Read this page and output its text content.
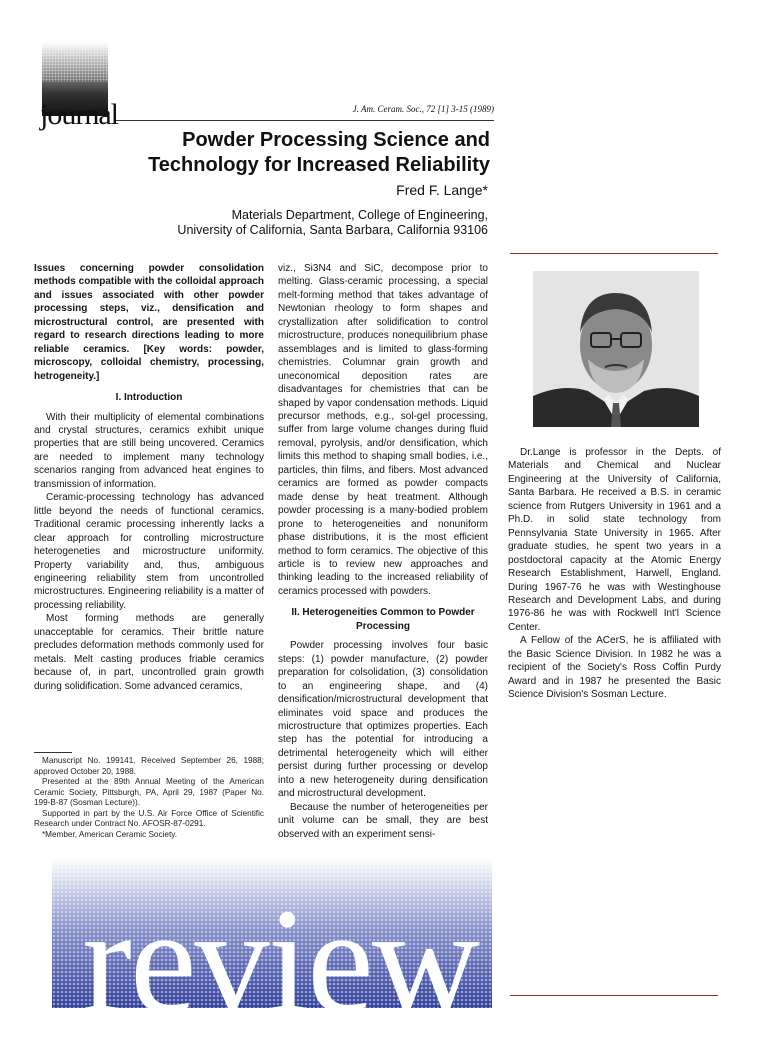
journal	J. Am. Ceram. Soc., 72 [1] 3-15 (1989)
Powder Processing Science and
Technology for Increased Reliability
Fred F. Lange*
Materials Department, College of Engineering,
University of California, Santa Barbara, California 93106

Issues concerning powder consolidation methods compatible with the colloidal approach and issues associated with other powder processing steps, viz., densification and microstructural control, are presented with regard to research directions leading to more reliable ceramics. [Key words: powder, microscopy, colloidal chemistry, processing, hetrogeneity.]

I. Introduction

With their multiplicity of elemental combinations and crystal structures, ceramics exhibit unique properties that are still being uncovered. Ceramics are needed to implement many technology scenarios ranging from advanced heat engines to transmission of information.

Ceramic-processing technology has advanced little beyond the needs of functional ceramics. Traditional ceramic processing inherently lacks a clear approach for controlling microstructure heterogeneties and microstructure uniformity. Property variability and, thus, ambiguous engineering reliability stem from uncontrolled microstructures. Engineering reliability is a matter of processing reliability.

Most forming methods are generally unacceptable for ceramics. Their brittle nature precludes deformation methods commonly used for metals. Melt casting produces friable ceramics because of, in part, uncontrolled grain growth during solidification. Some advanced ceramics,

Manuscript No. 199141. Received September 26, 1988; approved October 20, 1988.
Presented at the 89th Annual Meeting of the American Ceramic Society, Pittsburgh, PA, April 29, 1987 (Paper No. 199-B-87 (Sosman Lecture)).
Supported in part by the U.S. Air Force Office of Scientific Research under Contract No. AFOSR-87-0291.
*Member, American Ceramic Society.

viz., Si3N4 and SiC, decompose prior to melting. Glass-ceramic processing, a special melt-forming method that takes advantage of Newtonian rheology to form shapes and crystallization after solidification to control microstructure, produces nonequilibrium phase assemblages and is limited to glass-forming chemistries. Columnar grain growth and uneconomical deposition rates are disadvantages for chemistries that can be shaped by vapor condensation methods. Liquid precursor methods, e.g., sol-gel processing, suffer from large volume changes during fluid removal, pyrolysis, and/or densification, which limits this method to shaping small bodies, i.e., particles, thin films, and fibers. Most advanced ceramics are formed as powder compacts made dense by heat treatment. Although powder processing is a many-bodied problem prone to heterogeneities and nonuniform phase distributions, it is the most efficient method to form ceramics. The objective of this article is to review new approaches and thinking leading to the increased reliability of ceramics processed with powders.

II. Heterogeneities Common to Powder Processing

Powder processing involves four basic steps: (1) powder manufacture, (2) powder preparation for colsolidation, (3) consolidation to an engineering shape, and (4) densification/microstructural development that eliminates void space and produces the microstructure that optimizes properties. Each step has the potential for introducing a detrimental heterogeneity which will either persist during further processing or develop into a new heterogeneity during densification and microstructural development.

Because the number of heterogeneities per unit volume can be small, they are best observed with an experiment sensi-

Dr.Lange is professor in the Depts. of Materials and Chemical and Nuclear Engineering at the University of California, Santa Barbara. He received a B.S. in ceramic science from Rutgers University in 1961 and a Ph.D. in solid state technology from Pennsylvania State University in 1965. After graduate studies, he spent two years in a postdoctoral capacity at the Atomic Energy Research Establishment, Harwell, England. During 1967-76 he was with Westinghouse Research and Development Labs, and during 1976-86 he was with Rockwell Int'l Science Center.

A Fellow of the ACerS, he is affiliated with the Basic Science Division. In 1982 he was a recipient of the Society's Ross Coffin Purdy Award and in 1987 he presented the Basic Science Division's Sosman Lecture.

review
